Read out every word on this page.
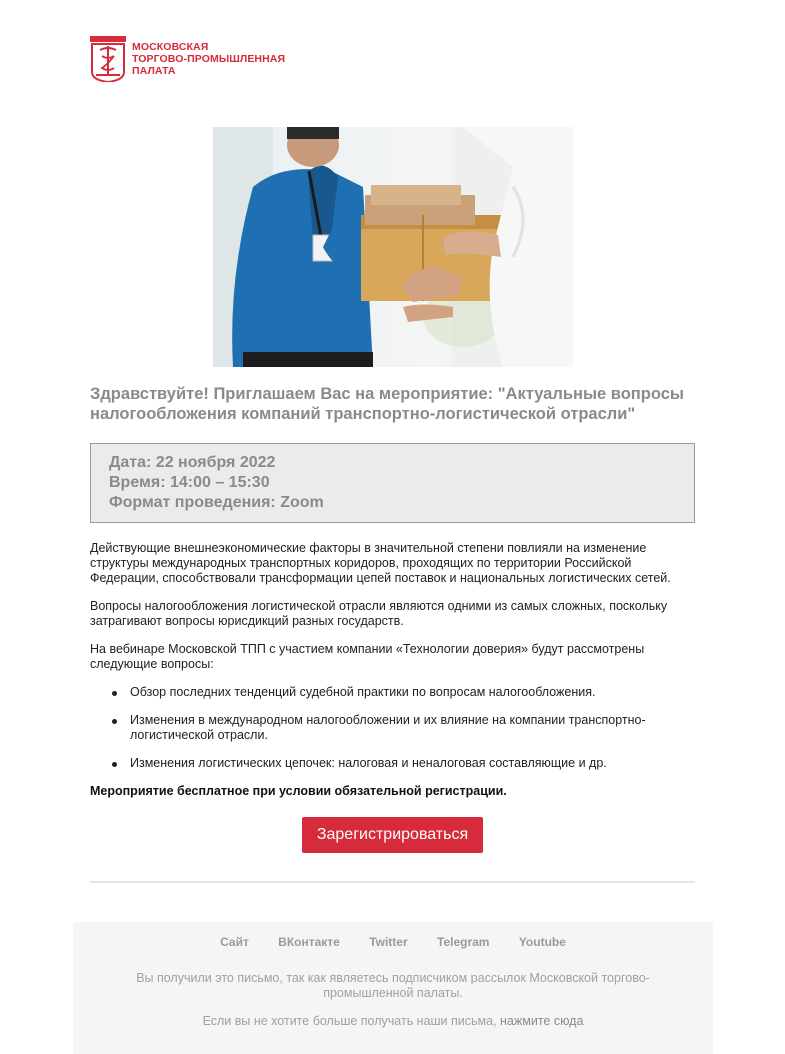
МОСКОВСКАЯ
ТОРГОВО-ПРОМЫШЛЕННАЯ
ПАЛАТА
Здравствуйте! Приглашаем Вас на мероприятие: "Актуальные вопросы налогообложения компаний транспортно-логистической отрасли"
Дата: 22 ноября 2022
Время: 14:00 – 15:30
Формат проведения: Zoom
Действующие внешнеэкономические факторы в значительной степени повлияли на изменение структуры международных транспортных коридоров, проходящих по территории Российской Федерации, способствовали трансформации цепей поставок и национальных логистических сетей.
Вопросы налогообложения логистической отрасли являются одними из самых сложных, поскольку затрагивают вопросы юрисдикций разных государств.
На вебинаре Московской ТПП с участием компании «Технологии доверия» будут рассмотрены следующие вопросы:
Обзор последних тенденций судебной практики по вопросам налогообложения.
Изменения в международном налогообложении и их влияние на компании транспортно-логистической отрасли.
Изменения логистических цепочек: налоговая и неналоговая составляющие и др.
Мероприятие бесплатное при условии обязательной регистрации.
Зарегистрироваться
Сайт ВКонтакте Twitter Telegram Youtube
Вы получили это письмо, так как являетесь подписчиком рассылок Московской торгово-промышленной палаты.
Если вы не хотите больше получать наши письма, нажмите сюда
